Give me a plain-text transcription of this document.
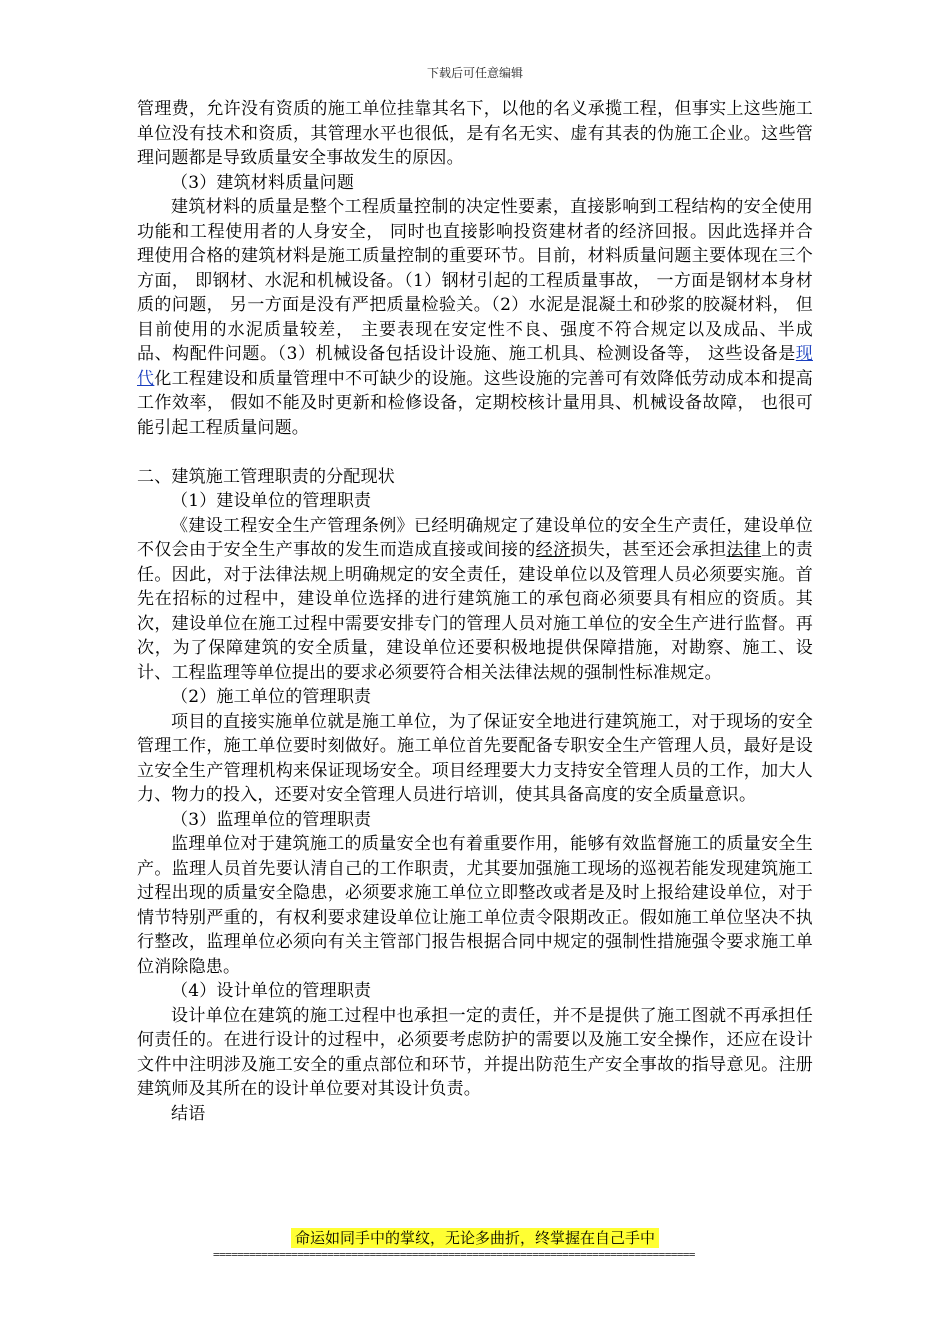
下载后可任意编辑

管理费，允许没有资质的施工单位挂靠其名下，以他的名义承揽工程，但事实上这些施工单位没有技术和资质，其管理水平也很低，是有名无实、虚有其表的伪施工企业。这些管理问题都是导致质量安全事故发生的原因。

（3）建筑材料质量问题

建筑材料的质量是整个工程质量控制的决定性要素，直接影响到工程结构的安全使用功能和工程使用者的人身安全， 同时也直接影响投资建材者的经济回报。因此选择并合理使用合格的建筑材料是施工质量控制的重要环节。目前，材料质量问题主要体现在三个方面， 即钢材、水泥和机械设备。（1）钢材引起的工程质量事故， 一方面是钢材本身材质的问题， 另一方面是没有严把质量检验关。（2）水泥是混凝土和砂浆的胶凝材料， 但目前使用的水泥质量较差， 主要表现在安定性不良、强度不符合规定以及成品、半成品、构配件问题。（3）机械设备包括设计设施、施工机具、检测设备等， 这些设备是现代化工程建设和质量管理中不可缺少的设施。这些设施的完善可有效降低劳动成本和提高工作效率， 假如不能及时更新和检修设备，定期校核计量用具、机械设备故障， 也很可能引起工程质量问题。

二、建筑施工管理职责的分配现状

（1）建设单位的管理职责

《建设工程安全生产管理条例》已经明确规定了建设单位的安全生产责任，建设单位不仅会由于安全生产事故的发生而造成直接或间接的经济损失，甚至还会承担法律上的责任。因此，对于法律法规上明确规定的安全责任，建设单位以及管理人员必须要实施。首先在招标的过程中，建设单位选择的进行建筑施工的承包商必须要具有相应的资质。其次，建设单位在施工过程中需要安排专门的管理人员对施工单位的安全生产进行监督。再次，为了保障建筑的安全质量，建设单位还要积极地提供保障措施，对勘察、施工、设计、工程监理等单位提出的要求必须要符合相关法律法规的强制性标准规定。

（2）施工单位的管理职责

项目的直接实施单位就是施工单位，为了保证安全地进行建筑施工，对于现场的安全管理工作，施工单位要时刻做好。施工单位首先要配备专职安全生产管理人员，最好是设立安全生产管理机构来保证现场安全。项目经理要大力支持安全管理人员的工作，加大人力、物力的投入，还要对安全管理人员进行培训，使其具备高度的安全质量意识。

（3）监理单位的管理职责

监理单位对于建筑施工的质量安全也有着重要作用，能够有效监督施工的质量安全生产。监理人员首先要认清自己的工作职责，尤其要加强施工现场的巡视若能发现建筑施工过程出现的质量安全隐患，必须要求施工单位立即整改或者是及时上报给建设单位，对于情节特别严重的，有权利要求建设单位让施工单位责令限期改正。假如施工单位坚决不执行整改，监理单位必须向有关主管部门报告根据合同中规定的强制性措施强令要求施工单位消除隐患。

（4）设计单位的管理职责

设计单位在建筑的施工过程中也承担一定的责任，并不是提供了施工图就不再承担任何责任的。在进行设计的过程中，必须要考虑防护的需要以及施工安全操作，还应在设计文件中注明涉及施工安全的重点部位和环节，并提出防范生产安全事故的指导意见。注册建筑师及其所在的设计单位要对其设计负责。

结语

命运如同手中的掌纹，无论多曲折，终掌握在自己手中
================================================================================
